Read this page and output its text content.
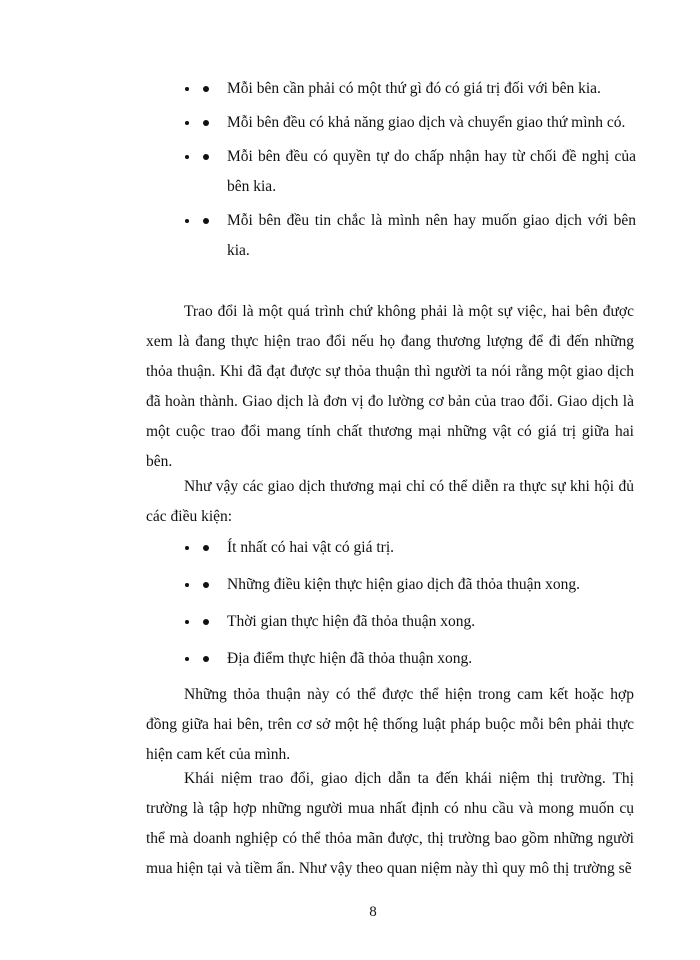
• Mỗi bên cần phải có một thứ gì đó có giá trị đối với bên kia.
• Mỗi bên đều có khả năng giao dịch và chuyển giao thứ mình có.
• Mỗi bên đều có quyền tự do chấp nhận hay từ chối đề nghị của bên kia.
• Mỗi bên đều tin chắc là mình nên hay muốn giao dịch với bên kia.

Trao đổi là một quá trình chứ không phải là một sự việc, hai bên được xem là đang thực hiện trao đổi nếu họ đang thương lượng để đi đến những thỏa thuận. Khi đã đạt được sự thỏa thuận thì người ta nói rằng một giao dịch đã hoàn thành. Giao dịch là đơn vị đo lường cơ bản của trao đổi. Giao dịch là một cuộc trao đổi mang tính chất thương mại những vật có giá trị giữa hai bên.

Như vậy các giao dịch thương mại chỉ có thể diễn ra thực sự khi hội đủ các điều kiện:

• Ít nhất có hai vật có giá trị.
• Những điều kiện thực hiện giao dịch đã thỏa thuận xong.
• Thời gian thực hiện đã thỏa thuận xong.
• Địa điểm thực hiện đã thỏa thuận xong.

Những thỏa thuận này có thể được thể hiện trong cam kết hoặc hợp đồng giữa hai bên, trên cơ sở một hệ thống luật pháp buộc mỗi bên phải thực hiện cam kết của mình.

Khái niệm trao đổi, giao dịch dẫn ta đến khái niệm thị trường. Thị trường là tập hợp những người mua nhất định có nhu cầu và mong muốn cụ thể mà doanh nghiệp có thể thỏa mãn được, thị trường bao gồm những người mua hiện tại và tiềm ẩn. Như vậy theo quan niệm này thì quy mô thị trường sẽ

8
